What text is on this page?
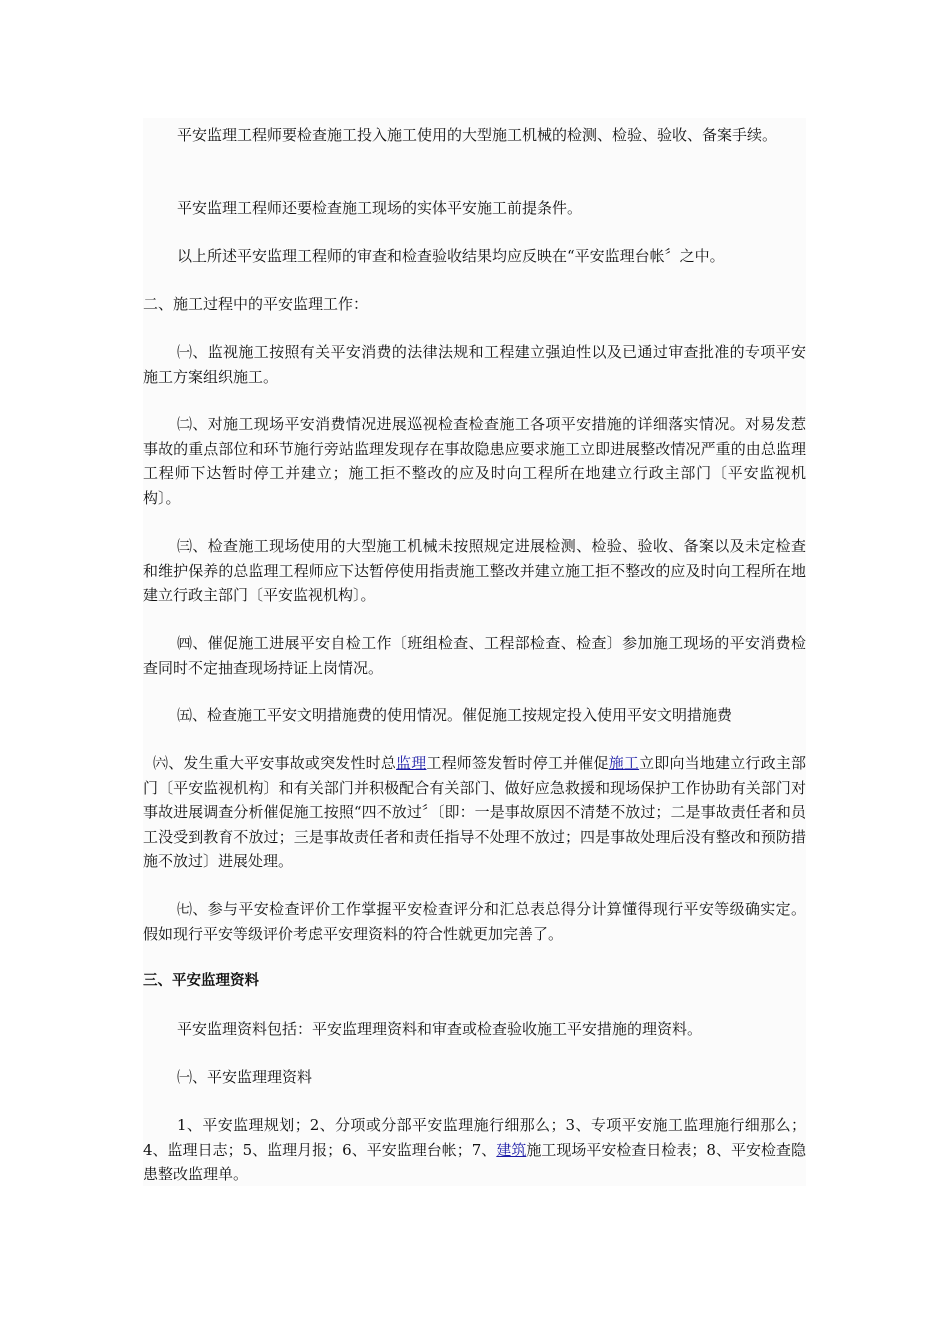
平安监理工程师要检查施工投入施工使用的大型施工机械的检测、检验、验收、备案手续。

平安监理工程师还要检查施工现场的实体平安施工前提条件。

以上所述平安监理工程师的审查和检查验收结果均应反映在“平安监理台帐〞之中。

二、施工过程中的平安监理工作：

㈠、监视施工按照有关平安消费的法律法规和工程建立强迫性以及已通过审查批准的专项平安施工方案组织施工。

㈡、对施工现场平安消费情况进展巡视检查检查施工各项平安措施的详细落实情况。对易发惹事故的重点部位和环节施行旁站监理发现存在事故隐患应要求施工立即进展整改情况严重的由总监理工程师下达暂时停工并建立；施工拒不整改的应及时向工程所在地建立行政主部门〔平安监视机构〕。

㈢、检查施工现场使用的大型施工机械未按照规定进展检测、检验、验收、备案以及未定检查和维护保养的总监理工程师应下达暂停使用指责施工整改并建立施工拒不整改的应及时向工程所在地建立行政主部门〔平安监视机构〕。

㈣、催促施工进展平安自检工作〔班组检查、工程部检查、检查〕参加施工现场的平安消费检查同时不定抽查现场持证上岗情况。

㈤、检查施工平安文明措施费的使用情况。催促施工按规定投入使用平安文明措施费

㈥、发生重大平安事故或突发性时总监理工程师签发暂时停工并催促施工立即向当地建立行政主部门〔平安监视机构〕和有关部门并积极配合有关部门、做好应急救援和现场保护工作协助有关部门对事故进展调查分析催促施工按照“四不放过〞〔即：一是事故原因不清楚不放过；二是事故责任者和员工没受到教育不放过；三是事故责任者和责任指导不处理不放过；四是事故处理后没有整改和预防措施不放过〕进展处理。

㈦、参与平安检查评价工作掌握平安检查评分和汇总表总得分计算懂得现行平安等级确实定。假如现行平安等级评价考虑平安理资料的符合性就更加完善了。

三、平安监理资料

平安监理资料包括：平安监理理资料和审查或检查验收施工平安措施的理资料。

㈠、平安监理理资料

1、平安监理规划；2、分项或分部平安监理施行细那么；3、专项平安施工监理施行细那么；4、监理日志；5、监理月报；6、平安监理台帐；7、建筑施工现场平安检查日检表；8、平安检查隐患整改监理单。
